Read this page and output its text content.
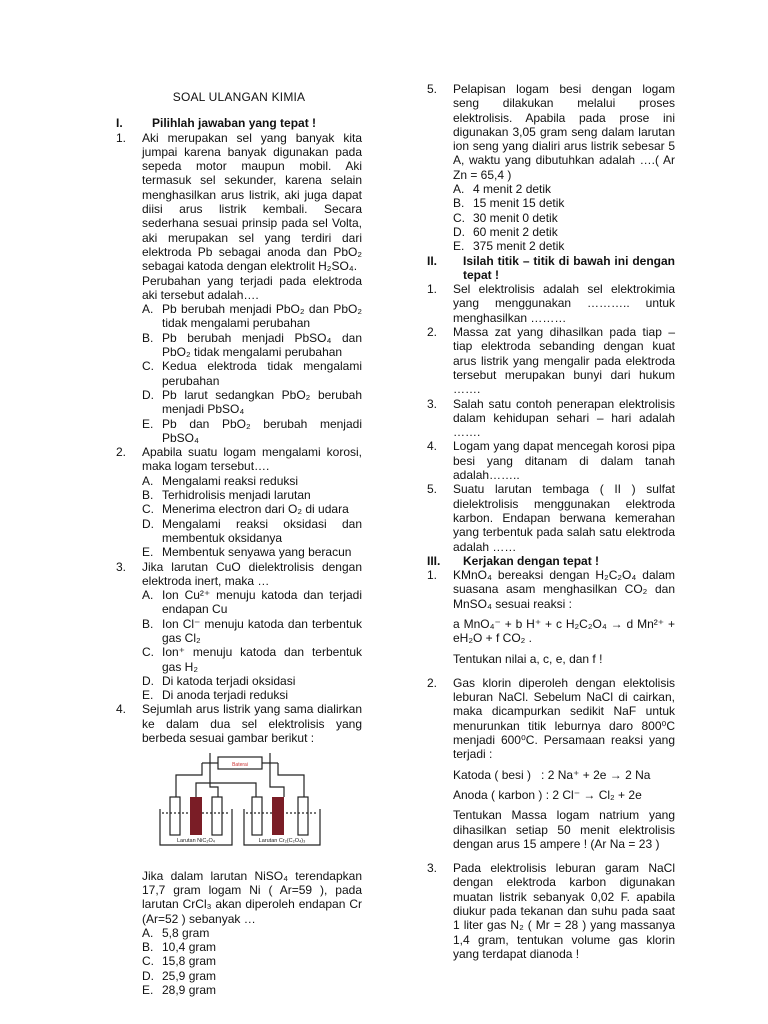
SOAL ULANGAN KIMIA
I.	Pilihlah jawaban yang tepat !
1.	Aki merupakan sel yang banyak kita jumpai karena banyak digunakan pada sepeda motor maupun mobil. Aki termasuk sel sekunder, karena selain menghasilkan arus listrik, aki juga dapat diisi arus listrik kembali. Secara sederhana sesuai prinsip pada sel Volta, aki merupakan sel yang terdiri dari elektroda Pb sebagai anoda dan PbO₂ sebagai katoda dengan elektrolit H₂SO₄.
Perubahan yang terjadi pada elektroda aki tersebut adalah….
A. Pb berubah menjadi PbO₂ dan PbO₂ tidak mengalami perubahan
B. Pb berubah menjadi PbSO₄ dan PbO₂ tidak mengalami perubahan
C. Kedua elektroda tidak mengalami perubahan
D. Pb larut sedangkan PbO₂ berubah menjadi PbSO₄
E. Pb dan PbO₂ berubah menjadi PbSO₄
2.	Apabila suatu logam mengalami korosi, maka logam tersebut….
A. Mengalami reaksi reduksi
B. Terhidrolisis menjadi larutan
C. Menerima electron dari O₂ di udara
D. Mengalami reaksi oksidasi dan membentuk oksidanya
E. Membentuk senyawa yang beracun
3.	Jika larutan CuO dielektrolisis dengan elektroda inert, maka …
A. Ion Cu²⁺ menuju katoda dan terjadi endapan Cu
B. Ion Cl⁻ menuju katoda dan terbentuk gas Cl₂
C. Ion⁺ menuju katoda dan terbentuk gas H₂
D. Di katoda terjadi oksidasi
E. Di anoda terjadi reduksi
4.	Sejumlah arus listrik yang sama dialirkan ke dalam dua sel elektrolisis yang berbeda sesuai gambar berikut :
Baterai
Larutan NiC₂O₄	Larutan Cr₂(C₂O₄)₃
Jika dalam larutan NiSO₄ terendapkan 17,7 gram logam Ni ( Ar=59 ), pada larutan CrCl₃ akan diperoleh endapan Cr (Ar=52 ) sebanyak …
A. 5,8 gram
B. 10,4 gram
C. 15,8 gram
D. 25,9 gram
E. 28,9 gram
5.	Pelapisan logam besi dengan logam seng dilakukan melalui proses elektrolisis. Apabila pada prose ini digunakan 3,05 gram seng dalam larutan ion seng yang dialiri arus listrik sebesar 5 A, waktu yang dibutuhkan adalah ….( Ar Zn = 65,4 )
A. 4 menit 2 detik
B. 15 menit 15 detik
C. 30 menit 0 detik
D. 60 menit 2 detik
E. 375 menit 2 detik
II.	Isilah titik – titik di bawah ini dengan tepat !
1.	Sel elektrolisis adalah sel elektrokimia yang menggunakan ……….. untuk menghasilkan ………
2.	Massa zat yang dihasilkan pada tiap – tiap elektroda sebanding dengan kuat arus listrik yang mengalir pada elektroda tersebut merupakan bunyi dari hukum …….
3.	Salah satu contoh penerapan elektrolisis dalam kehidupan sehari – hari adalah …….
4.	Logam yang dapat mencegah korosi pipa besi yang ditanam di dalam tanah adalah……..
5.	Suatu larutan tembaga ( II ) sulfat dielektrolisis menggunakan elektroda karbon. Endapan berwana kemerahan yang terbentuk pada salah satu elektroda adalah ……
III.	Kerjakan dengan tepat !
1.	KMnO₄ bereaksi dengan H₂C₂O₄ dalam suasana asam menghasilkan CO₂ dan MnSO₄ sesuai reaksi :
a MnO₄⁻ + b H⁺ + c H₂C₂O₄ → d Mn²⁺ + eH₂O + f CO₂ .
Tentukan nilai a, c, e, dan f !
2.	Gas klorin diperoleh dengan elektolisis leburan NaCl. Sebelum NaCl di cairkan, maka dicampurkan sedikit NaF untuk menurunkan titik leburnya daro 800⁰C menjadi 600⁰C. Persamaan reaksi yang terjadi :
Katoda ( besi )   : 2 Na⁺ + 2e → 2 Na
Anoda ( karbon ) : 2 Cl⁻ → Cl₂ + 2e
Tentukan Massa logam natrium yang dihasilkan setiap 50 menit elektrolisis dengan arus 15 ampere ! (Ar Na = 23 )
3.	Pada elektrolisis leburan garam NaCl dengan elektroda karbon digunakan muatan listrik sebanyak 0,02 F. apabila diukur pada tekanan dan suhu pada saat 1 liter gas N₂ ( Mr = 28 ) yang massanya 1,4 gram, tentukan volume gas klorin yang terdapat dianoda !
